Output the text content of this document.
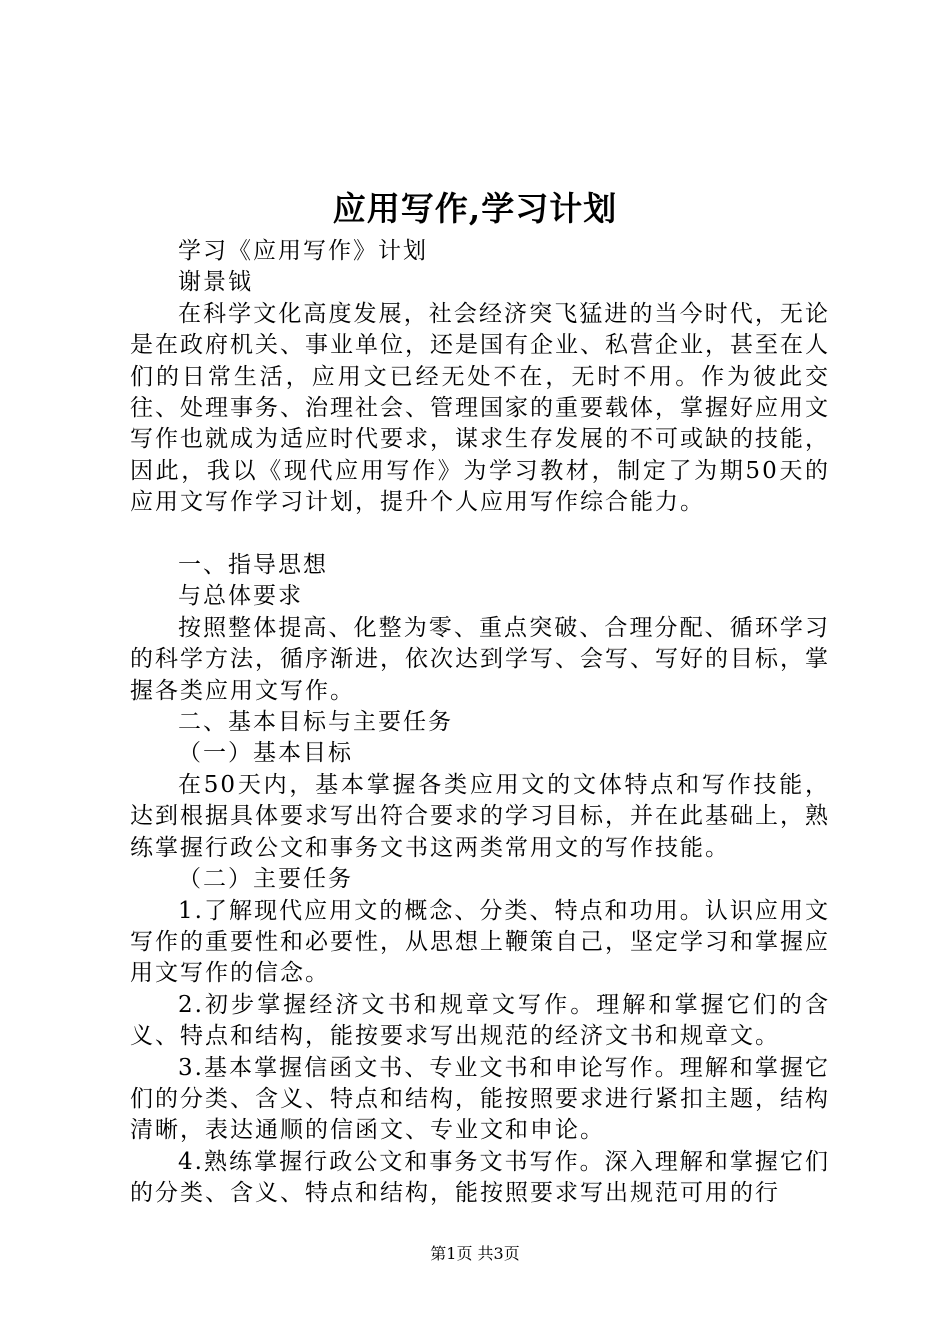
应用写作,学习计划

学习《应用写作》计划

谢景钺

在科学文化高度发展，社会经济突飞猛进的当今时代，无论是在政府机关、事业单位，还是国有企业、私营企业，甚至在人们的日常生活，应用文已经无处不在，无时不用。作为彼此交往、处理事务、治理社会、管理国家的重要载体，掌握好应用文写作也就成为适应时代要求，谋求生存发展的不可或缺的技能，因此，我以《现代应用写作》为学习教材，制定了为期50天的应用文写作学习计划，提升个人应用写作综合能力。

一、指导思想

与总体要求

按照整体提高、化整为零、重点突破、合理分配、循环学习的科学方法，循序渐进，依次达到学写、会写、写好的目标，掌握各类应用文写作。

二、基本目标与主要任务

（一）基本目标

在50天内，基本掌握各类应用文的文体特点和写作技能，达到根据具体要求写出符合要求的学习目标，并在此基础上，熟练掌握行政公文和事务文书这两类常用文的写作技能。

（二）主要任务

1.了解现代应用文的概念、分类、特点和功用。认识应用文写作的重要性和必要性，从思想上鞭策自己，坚定学习和掌握应用文写作的信念。

2.初步掌握经济文书和规章文写作。理解和掌握它们的含义、特点和结构，能按要求写出规范的经济文书和规章文。

3.基本掌握信函文书、专业文书和申论写作。理解和掌握它们的分类、含义、特点和结构，能按照要求进行紧扣主题，结构清晰，表达通顺的信函文、专业文和申论。

4.熟练掌握行政公文和事务文书写作。深入理解和掌握它们的分类、含义、特点和结构，能按照要求写出规范可用的行

第1页 共3页
